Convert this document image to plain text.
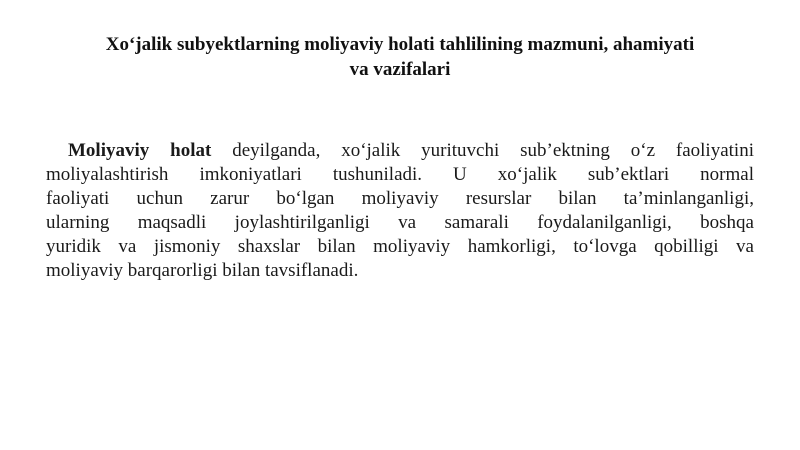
Xo‘jalik subyektlarning moliyaviy holati tahlilining mazmuni, ahamiyati
va vazifalari
Moliyaviy holat deyilganda, xo‘jalik yurituvchi sub’ektning o‘z faoliyatini
moliyalashtirish imkoniyatlari tushuniladi. U xo‘jalik sub’ektlari normal
faoliyati uchun zarur bo‘lgan moliyaviy resurslar bilan ta’minlanganligi,
ularning maqsadli joylashtirilganligi va samarali foydalanilganligi, boshqa
yuridik va jismoniy shaxslar bilan moliyaviy hamkorligi, to‘lovga qobilligi va
moliyaviy barqarorligi bilan tavsiflanadi.
